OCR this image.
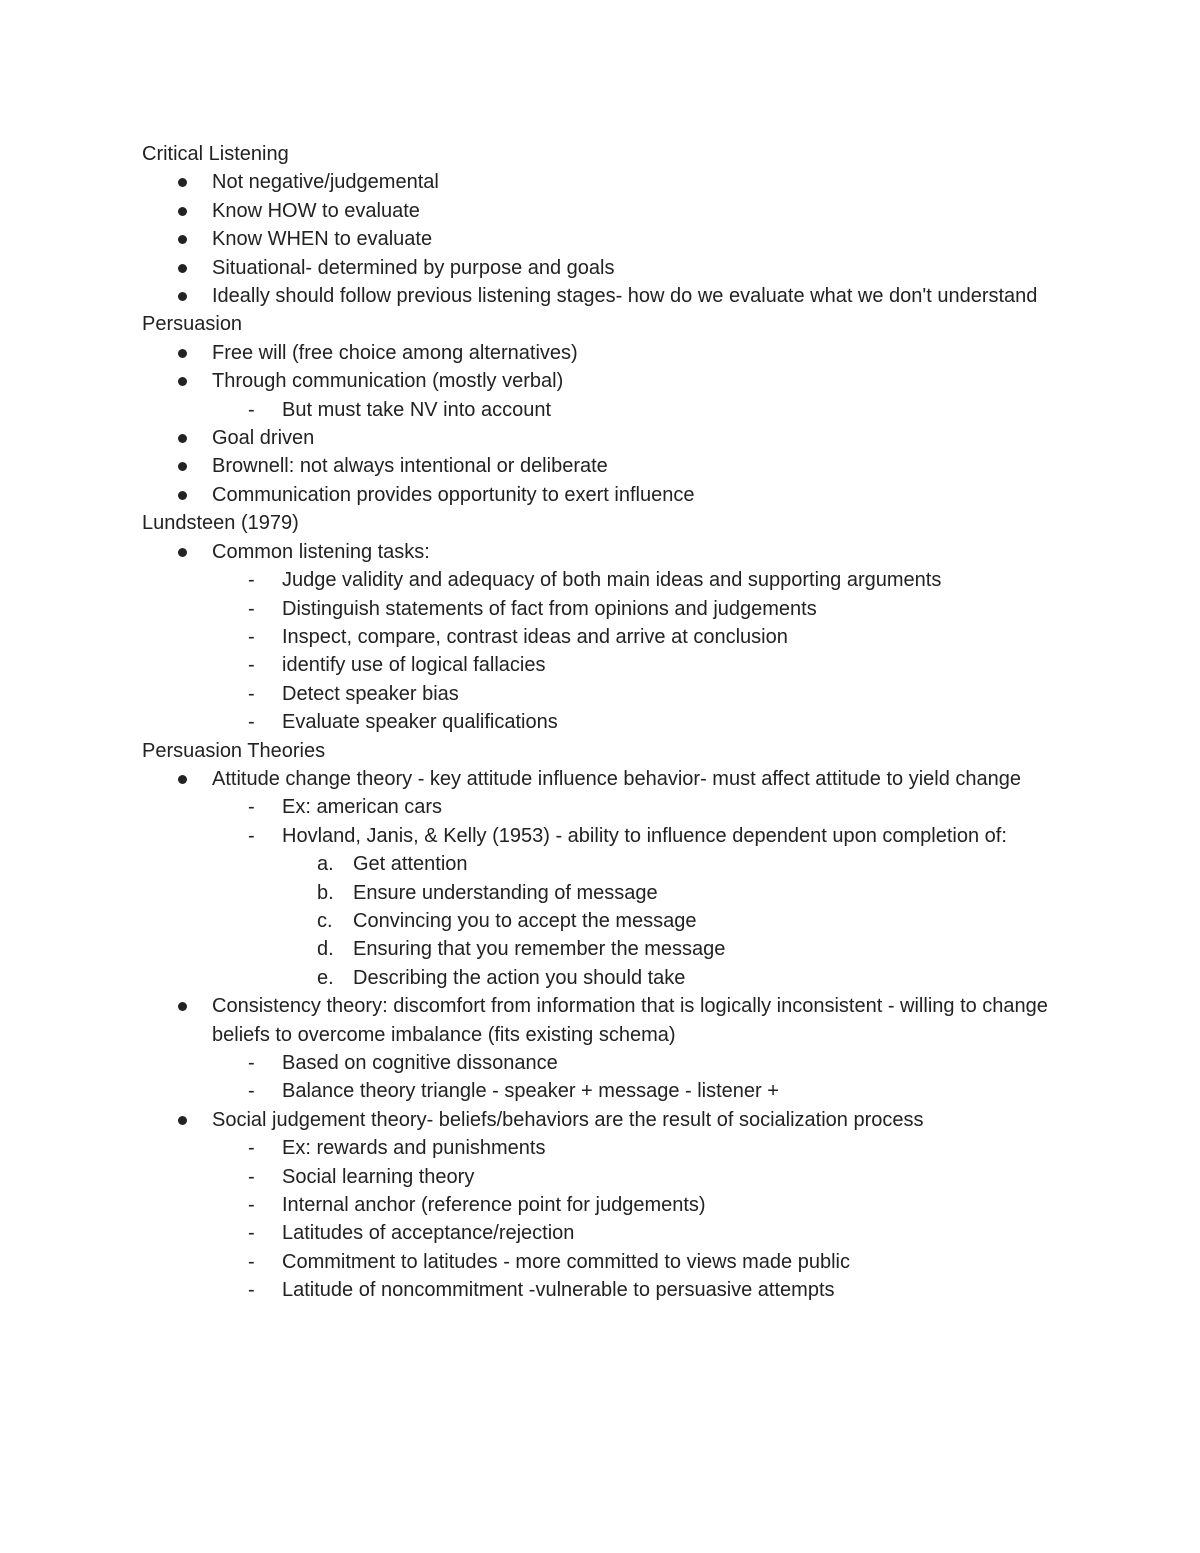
Critical Listening
Not negative/judgemental
Know HOW to evaluate
Know WHEN to evaluate
Situational- determined by purpose and goals
Ideally should follow previous listening stages- how do we evaluate what we don't understand
Persuasion
Free will (free choice among alternatives)
Through communication (mostly verbal)
- But must take NV into account
Goal driven
Brownell: not always intentional or deliberate
Communication provides opportunity to exert influence
Lundsteen (1979)
Common listening tasks:
- Judge validity and adequacy of both main ideas and supporting arguments
- Distinguish statements of fact from opinions and judgements
- Inspect, compare, contrast ideas and arrive at conclusion
- identify use of logical fallacies
- Detect speaker bias
- Evaluate speaker qualifications
Persuasion Theories
Attitude change theory - key attitude influence behavior- must affect attitude to yield change
- Ex: american cars
- Hovland, Janis, & Kelly (1953) - ability to influence dependent upon completion of:
a. Get attention
b. Ensure understanding of message
c. Convincing you to accept the message
d. Ensuring that you remember the message
e. Describing the action you should take
Consistency theory: discomfort from information that is logically inconsistent - willing to change beliefs to overcome imbalance (fits existing schema)
- Based on cognitive dissonance
- Balance theory triangle - speaker + message - listener +
Social judgement theory- beliefs/behaviors are the result of socialization process
- Ex: rewards and punishments
- Social learning theory
- Internal anchor (reference point for judgements)
- Latitudes of acceptance/rejection
- Commitment to latitudes - more committed to views made public
- Latitude of noncommitment -vulnerable to persuasive attempts
